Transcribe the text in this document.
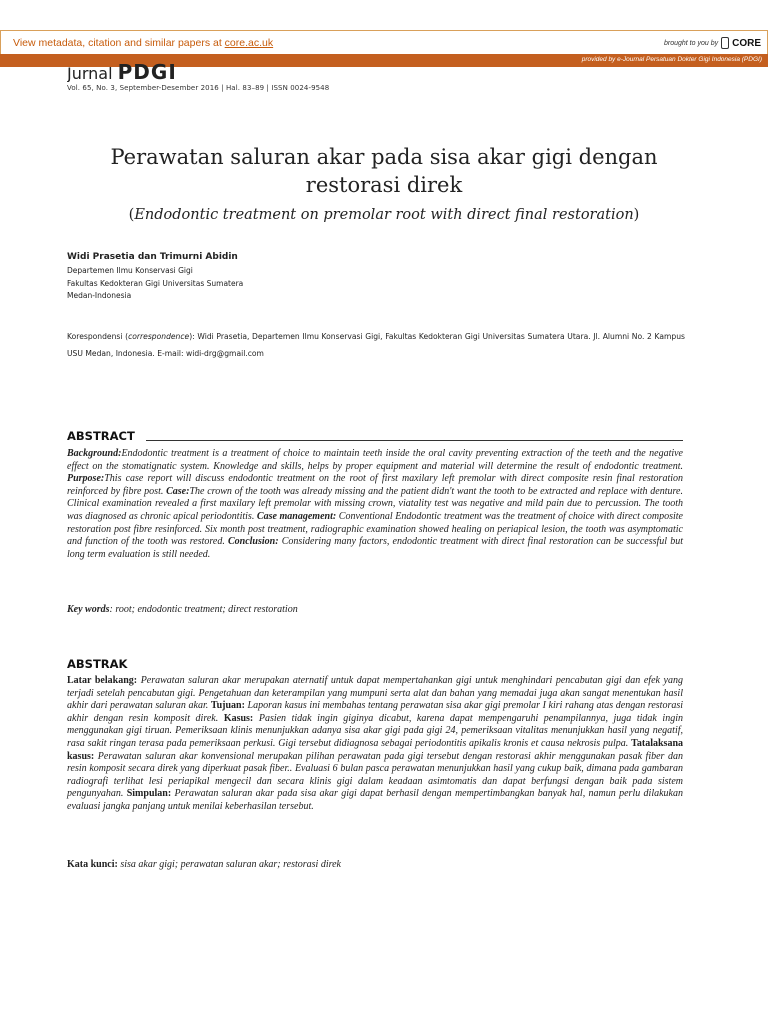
View metadata, citation and similar papers at core.ac.uk	brought to you by CORE
provided by e-Journal Persatuan Dokter Gigi Indonesia (PDGI)
Jurnal PDGI
Vol. 65, No. 3, September-Desember 2016 | Hal. 83–89 | ISSN 0024-9548
Perawatan saluran akar pada sisa akar gigi dengan
restorasi direk
(Endodontic treatment on premolar root with direct final restoration)
Widi Prasetia dan Trimurni Abidin
Departemen Ilmu Konservasi Gigi
Fakultas Kedokteran Gigi Universitas Sumatera
Medan-Indonesia
Korespondensi (correspondence): Widi Prasetia, Departemen Ilmu Konservasi Gigi, Fakultas Kedokteran Gigi Universitas Sumatera Utara. Jl. Alumni No. 2 Kampus USU Medan, Indonesia. E-mail: widi-drg@gmail.com
ABSTRACT
Background:Endodontic treatment is a treatment of choice to maintain teeth inside the oral cavity preventing extraction of the teeth and the negative effect on the stomatignatic system. Knowledge and skills, helps by proper equipment and material will determine the result of endodontic treatment. Purpose:This case report will discuss endodontic treatment on the root of first maxilary left premolar with direct composite resin final restoration reinforced by fibre post. Case:The crown of the tooth was already missing and the patient didn't want the tooth to be extracted and replace with denture. Clinical examination revealed a first maxilary left premolar with missing crown, viatality test was negative and mild pain due to percussion. The tooth was diagnosed as chronic apical periodontitis. Case management: Conventional Endodontic treatment was the treatment of choice with direct composite restoration post fibre resinforced. Six month post treatment, radiographic examination showed healing on periapical lesion, the tooth was asymptomatic and function of the tooth was restored. Conclusion: Considering many factors, endodontic treatment with direct final restoration can be successful but long term evaluation is still needed.
Key words: root; endodontic treatment; direct restoration
ABSTRAK
Latar belakang: Perawatan saluran akar merupakan aternatif untuk dapat mempertahankan gigi untuk menghindari pencabutan gigi dan efek yang terjadi setelah pencabutan gigi. Pengetahuan dan keterampilan yang mumpuni serta alat dan bahan yang memadai juga akan sangat menentukan hasil akhir dari perawatan saluran akar. Tujuan: Laporan kasus ini membahas tentang perawatan sisa akar gigi premolar I kiri rahang atas dengan restorasi akhir dengan resin komposit direk. Kasus: Pasien tidak ingin giginya dicabut, karena dapat mempengaruhi penampilannya, juga tidak ingin menggunakan gigi tiruan. Pemeriksaan klinis menunjukkan adanya sisa akar gigi pada gigi 24, pemeriksaan vitalitas menunjukkan hasil yang negatif, rasa sakit ringan terasa pada pemeriksaan perkusi. Gigi tersebut didiagnosa sebagai periodontitis apikalis kronis et causa nekrosis pulpa. Tatalaksana kasus: Perawatan saluran akar konvensional merupakan pilihan perawatan pada gigi tersebut dengan restorasi akhir menggunakan pasak fiber dan resin komposit secara direk yang diperkuat pasak fiber.. Evaluasi 6 bulan pasca perawatan menunjukkan hasil yang cukup baik, dimana pada gambaran radiografi terlihat lesi periapikal mengecil dan secara klinis gigi dalam keadaan asimtomatis dan dapat berfungsi dengan baik pada sistem pengunyahan. Simpulan: Perawatan saluran akar pada sisa akar gigi dapat berhasil dengan mempertimbangkan banyak hal, namun perlu dilakukan evaluasi jangka panjang untuk menilai keberhasilan tersebut.
Kata kunci: sisa akar gigi; perawatan saluran akar; restorasi direk
